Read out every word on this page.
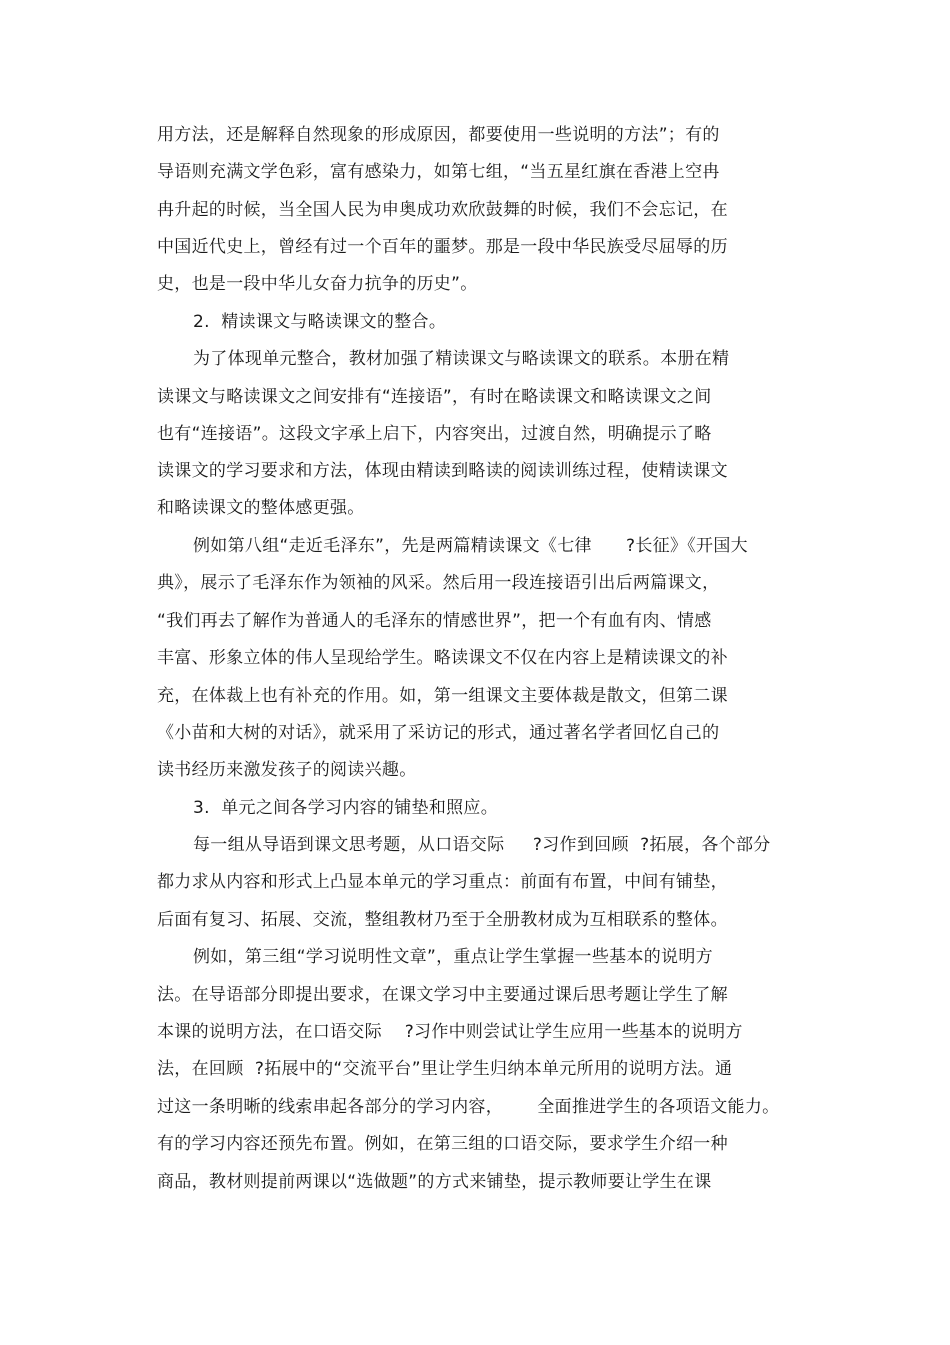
用方法，还是解释自然现象的形成原因，都要使用一些说明的方法”；有的
导语则充满文学色彩，富有感染力，如第七组，“当五星红旗在香港上空冉
冉升起的时候，当全国人民为申奥成功欢欣鼓舞的时候，我们不会忘记，在
中国近代史上，曾经有过一个百年的噩梦。那是一段中华民族受尽屈辱的历
史，也是一段中华儿女奋力抗争的历史”。
2.  精读课文与略读课文的整合。
为了体现单元整合，教材加强了精读课文与略读课文的联系。本册在精
读课文与略读课文之间安排有“连接语”，有时在略读课文和略读课文之间
也有“连接语”。这段文字承上启下，内容突出，过渡自然，明确提示了略
读课文的学习要求和方法，体现由精读到略读的阅读训练过程，使精读课文
和略读课文的整体感更强。
例如第八组“走近毛泽东”，先是两篇精读课文《七律      ?长征》《开国大
典》，展示了毛泽东作为领袖的风采。然后用一段连接语引出后两篇课文，
“我们再去了解作为普通人的毛泽东的情感世界”，把一个有血有肉、情感
丰富、形象立体的伟人呈现给学生。略读课文不仅在内容上是精读课文的补
充，在体裁上也有补充的作用。如，第一组课文主要体裁是散文，但第二课
《小苗和大树的对话》，就采用了采访记的形式，通过著名学者回忆自己的
读书经历来激发孩子的阅读兴趣。
3.  单元之间各学习内容的铺垫和照应。
每一组从导语到课文思考题，从口语交际     ?习作到回顾  ?拓展，各个部分
都力求从内容和形式上凸显本单元的学习重点：前面有布置，中间有铺垫，
后面有复习、拓展、交流，整组教材乃至于全册教材成为互相联系的整体。
例如，第三组“学习说明性文章”，重点让学生掌握一些基本的说明方
法。在导语部分即提出要求，在课文学习中主要通过课后思考题让学生了解
本课的说明方法，在口语交际    ?习作中则尝试让学生应用一些基本的说明方
法，在回顾  ?拓展中的“交流平台”里让学生归纳本单元所用的说明方法。通
过这一条明晰的线索串起各部分的学习内容，      全面推进学生的各项语文能力。
有的学习内容还预先布置。例如，在第三组的口语交际，要求学生介绍一种
商品，教材则提前两课以“选做题”的方式来铺垫，提示教师要让学生在课
